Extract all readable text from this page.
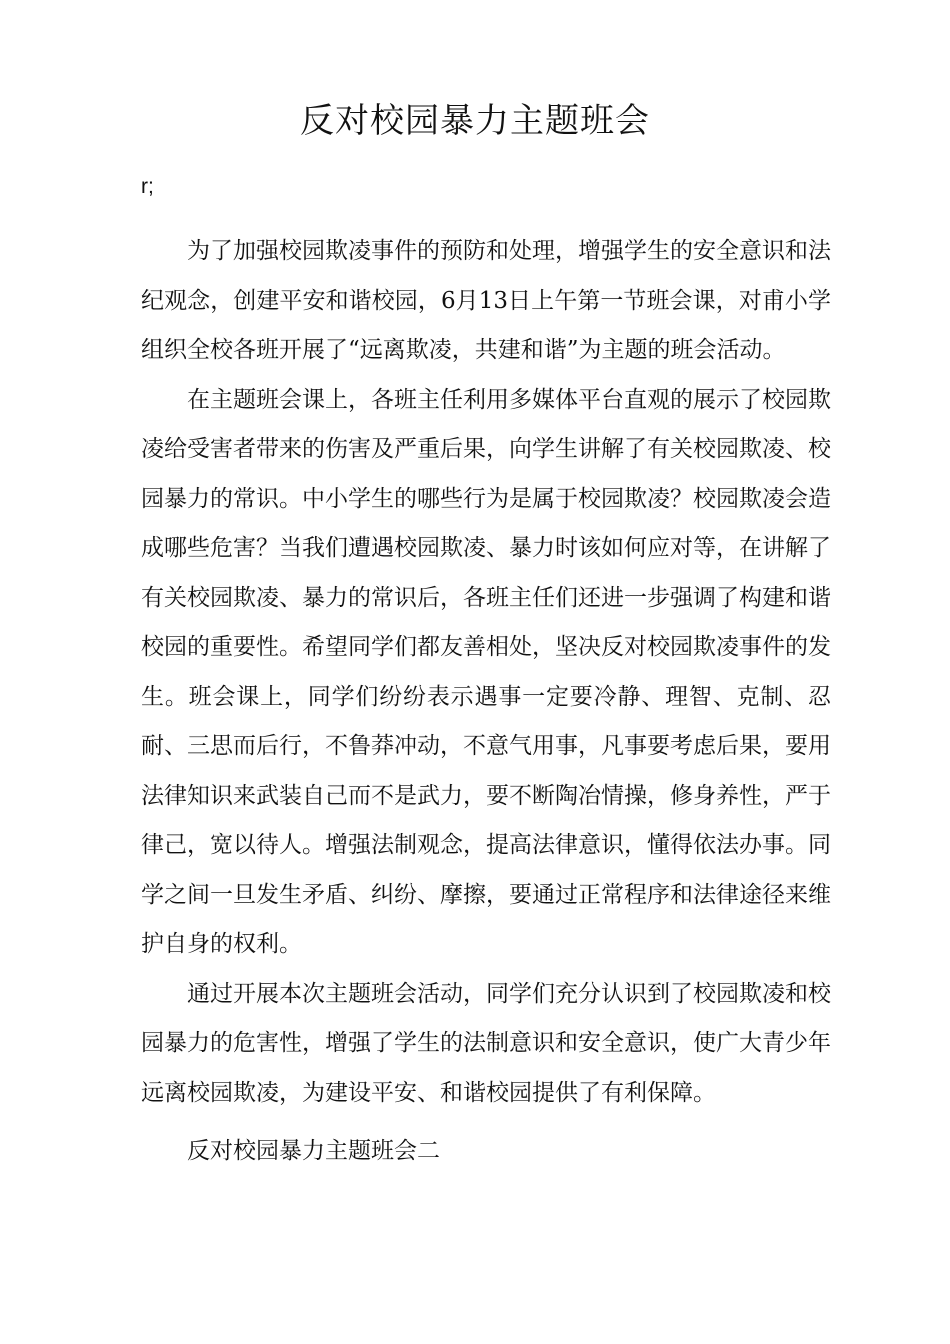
反对校园暴力主题班会
r;

为了加强校园欺凌事件的预防和处理，增强学生的安全意识和法纪观念，创建平安和谐校园，6月13日上午第一节班会课，对甫小学组织全校各班开展了“远离欺凌，共建和谐”为主题的班会活动。

在主题班会课上，各班主任利用多媒体平台直观的展示了校园欺凌给受害者带来的伤害及严重后果，向学生讲解了有关校园欺凌、校园暴力的常识。中小学生的哪些行为是属于校园欺凌？校园欺凌会造成哪些危害？当我们遭遇校园欺凌、暴力时该如何应对等，在讲解了有关校园欺凌、暴力的常识后，各班主任们还进一步强调了构建和谐校园的重要性。希望同学们都友善相处，坚决反对校园欺凌事件的发生。班会课上，同学们纷纷表示遇事一定要冷静、理智、克制、忍耐、三思而后行，不鲁莽冲动，不意气用事，凡事要考虑后果，要用法律知识来武装自己而不是武力，要不断陶冶情操，修身养性，严于律己，宽以待人。增强法制观念，提高法律意识，懂得依法办事。同学之间一旦发生矛盾、纠纷、摩擦，要通过正常程序和法律途径来维护自身的权利。

通过开展本次主题班会活动，同学们充分认识到了校园欺凌和校园暴力的危害性，增强了学生的法制意识和安全意识，使广大青少年远离校园欺凌，为建设平安、和谐校园提供了有利保障。

反对校园暴力主题班会二
